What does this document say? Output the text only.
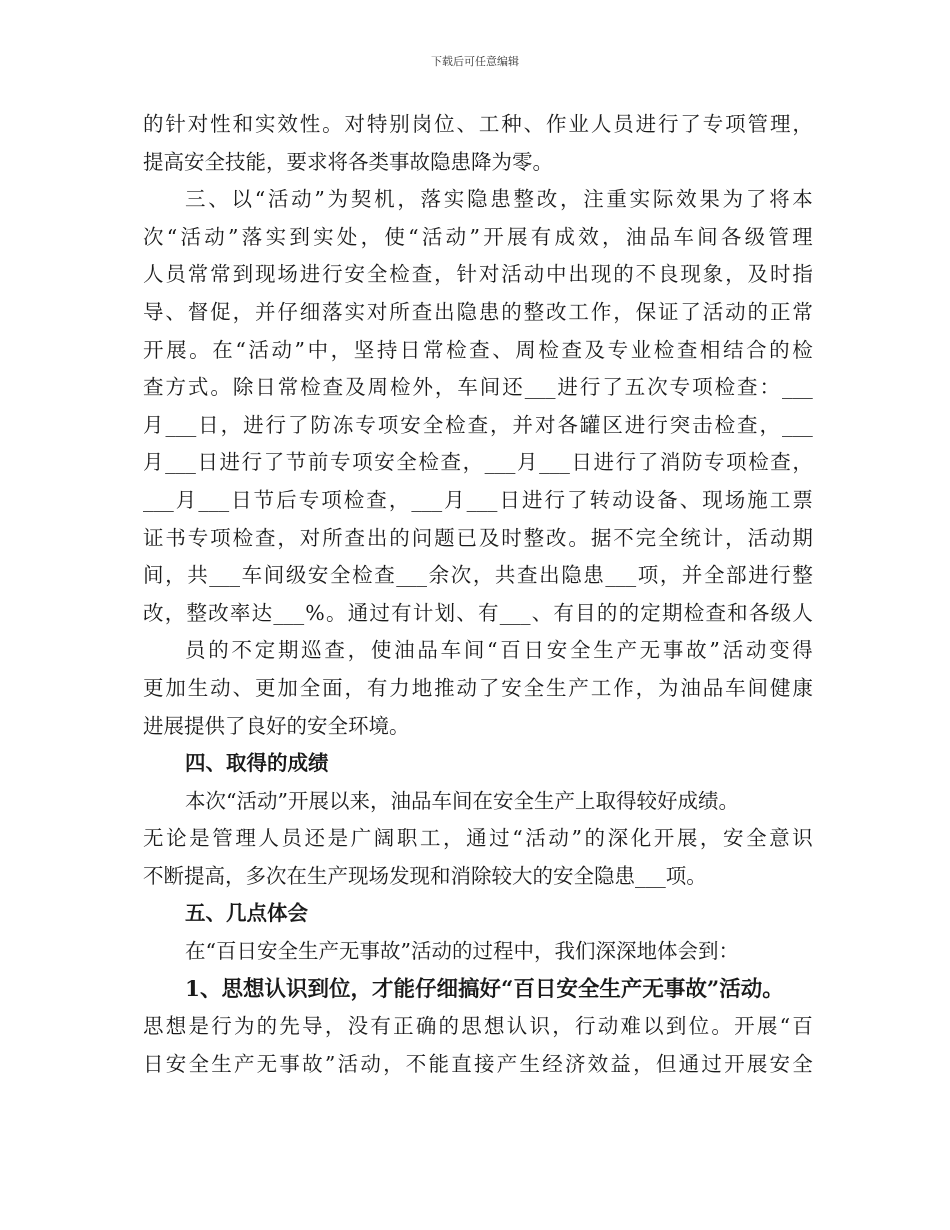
下载后可任意编辑
的 针 对 性 和 实 效 性 。 对 特 别 岗 位 、 工 种 、 作 业 人 员 进 行 了 专 项 管 理 ，
提高安全技能，要求将各类事故隐患降为零。
三 、 以 “ 活 动 ” 为 契 机 ， 落 实 隐 患 整 改 ， 注 重 实 际 效 果 为 了 将 本
次 “ 活 动 ” 落 实 到 实 处 ， 使 “ 活 动 ” 开 展 有 成 效 ， 油 品 车 间 各 级 管 理
人 员 常 常 到 现 场 进 行 安 全 检 查 ， 针 对 活 动 中 出 现 的 不 良 现 象 ， 及 时 指
导 、 督 促 ， 并 仔 细 落 实 对 所 查 出 隐 患 的 整 改 工 作 ， 保 证 了 活 动 的 正 常
开 展 。 在 “ 活 动 ” 中 ， 坚 持 日 常 检 查 、 周 检 查 及 专 业 检 查 相 结 合 的 检
查 方 式 。 除 日 常 检 查 及 周 检 外 ， 车 间 还 ___ 进 行 了 五 次 专 项 检 查 ： ___
月 ___ 日 ， 进 行 了 防 冻 专 项 安 全 检 查 ， 并 对 各 罐 区 进 行 突 击 检 查 ， ___
月 ___ 日 进 行 了 节 前 专 项 安 全 检 查 ， ___ 月 ___ 日 进 行 了 消 防 专 项 检 查 ，
___ 月 ___ 日 节 后 专 项 检 查 ， ___ 月 ___ 日 进 行 了 转 动 设 备 、 现 场 施 工 票
证 书 专 项 检 查 ， 对 所 查 出 的 问 题 已 及 时 整 改 。 据 不 完 全 统 计 ， 活 动 期
间 ， 共 ___ 车 间 级 安 全 检 查 ___ 余 次 ， 共 查 出 隐 患 ___ 项 ， 并 全 部 进 行 整
改 ， 整 改 率 达 ___ % 。 通 过 有 计 划 、 有 ___ 、 有 目 的 的 定 期 检 查 和 各 级 人
员 的 不 定 期 巡 查 ， 使 油 品 车 间 “ 百 日 安 全 生 产 无 事 故 ” 活 动 变 得
更 加 生 动 、 更 加 全 面 ， 有 力 地 推 动 了 安 全 生 产 工 作 ， 为 油 品 车 间 健 康
进展提供了良好的安全环境。
四、取得的成绩
本次“活动”开展以来，油品车间在安全生产上取得较好成绩。
无 论 是 管 理 人 员 还 是 广 阔 职 工 ， 通 过 “ 活 动 ” 的 深 化 开 展 ， 安 全 意 识
不断提高，多次在生产现场发现和消除较大的安全隐患___项。
五、几点体会
在“百日安全生产无事故”活动的过程中，我们深深地体会到：
1、思想认识到位，才能仔细搞好“百日安全生产无事故”活动。
思 想 是 行 为 的 先 导 ， 没 有 正 确 的 思 想 认 识 ， 行 动 难 以 到 位 。 开 展 “ 百
日 安 全 生 产 无 事 故 ” 活 动 ， 不 能 直 接 产 生 经 济 效 益 ， 但 通 过 开 展 安 全
